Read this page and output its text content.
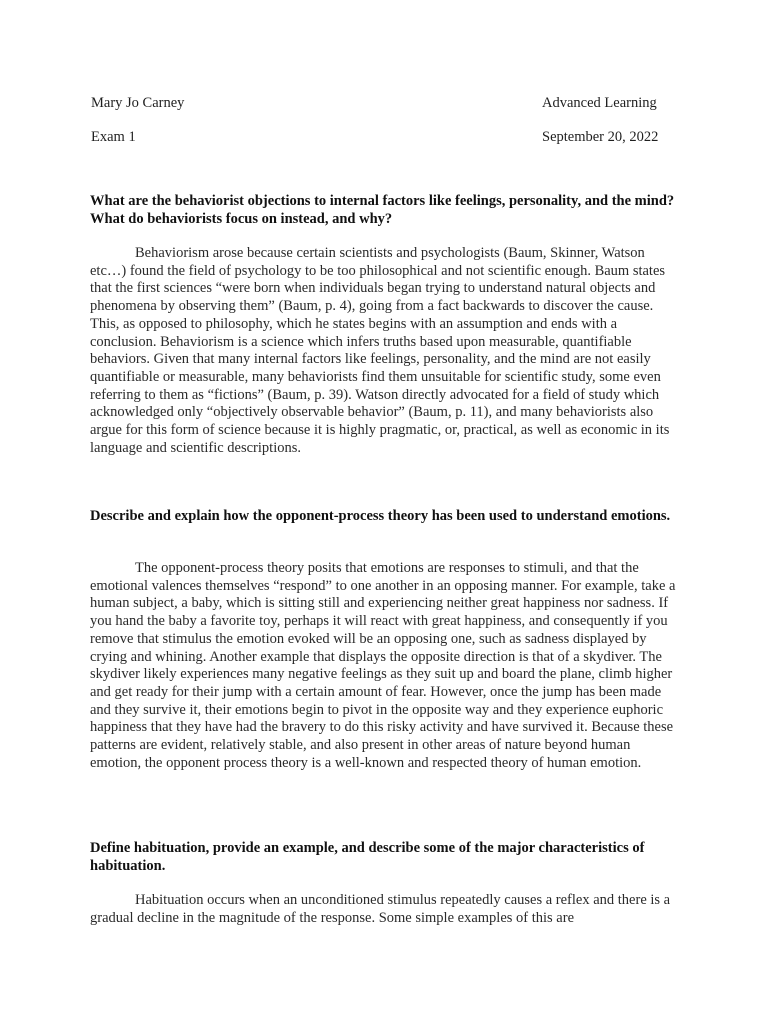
Mary Jo Carney	Advanced Learning
Exam 1	September 20, 2022
What are the behaviorist objections to internal factors like feelings, personality, and the mind? What do behaviorists focus on instead, and why?

Behaviorism arose because certain scientists and psychologists (Baum, Skinner, Watson etc…) found the field of psychology to be too philosophical and not scientific enough. Baum states that the first sciences “were born when individuals began trying to understand natural objects and phenomena by observing them” (Baum, p. 4), going from a fact backwards to discover the cause. This, as opposed to philosophy, which he states begins with an assumption and ends with a conclusion. Behaviorism is a science which infers truths based upon measurable, quantifiable behaviors. Given that many internal factors like feelings, personality, and the mind are not easily quantifiable or measurable, many behaviorists find them unsuitable for scientific study, some even referring to them as “fictions” (Baum, p. 39). Watson directly advocated for a field of study which acknowledged only “objectively observable behavior” (Baum, p. 11), and many behaviorists also argue for this form of science because it is highly pragmatic, or, practical, as well as economic in its language and scientific descriptions.

Describe and explain how the opponent-process theory has been used to understand emotions.

The opponent-process theory posits that emotions are responses to stimuli, and that the emotional valences themselves “respond” to one another in an opposing manner. For example, take a human subject, a baby, which is sitting still and experiencing neither great happiness nor sadness. If you hand the baby a favorite toy, perhaps it will react with great happiness, and consequently if you remove that stimulus the emotion evoked will be an opposing one, such as sadness displayed by crying and whining. Another example that displays the opposite direction is that of a skydiver. The skydiver likely experiences many negative feelings as they suit up and board the plane, climb higher and get ready for their jump with a certain amount of fear. However, once the jump has been made and they survive it, their emotions begin to pivot in the opposite way and they experience euphoric happiness that they have had the bravery to do this risky activity and have survived it. Because these patterns are evident, relatively stable, and also present in other areas of nature beyond human emotion, the opponent process theory is a well-known and respected theory of human emotion.

Define habituation, provide an example, and describe some of the major characteristics of habituation.

Habituation occurs when an unconditioned stimulus repeatedly causes a reflex and there is a gradual decline in the magnitude of the response. Some simple examples of this are
